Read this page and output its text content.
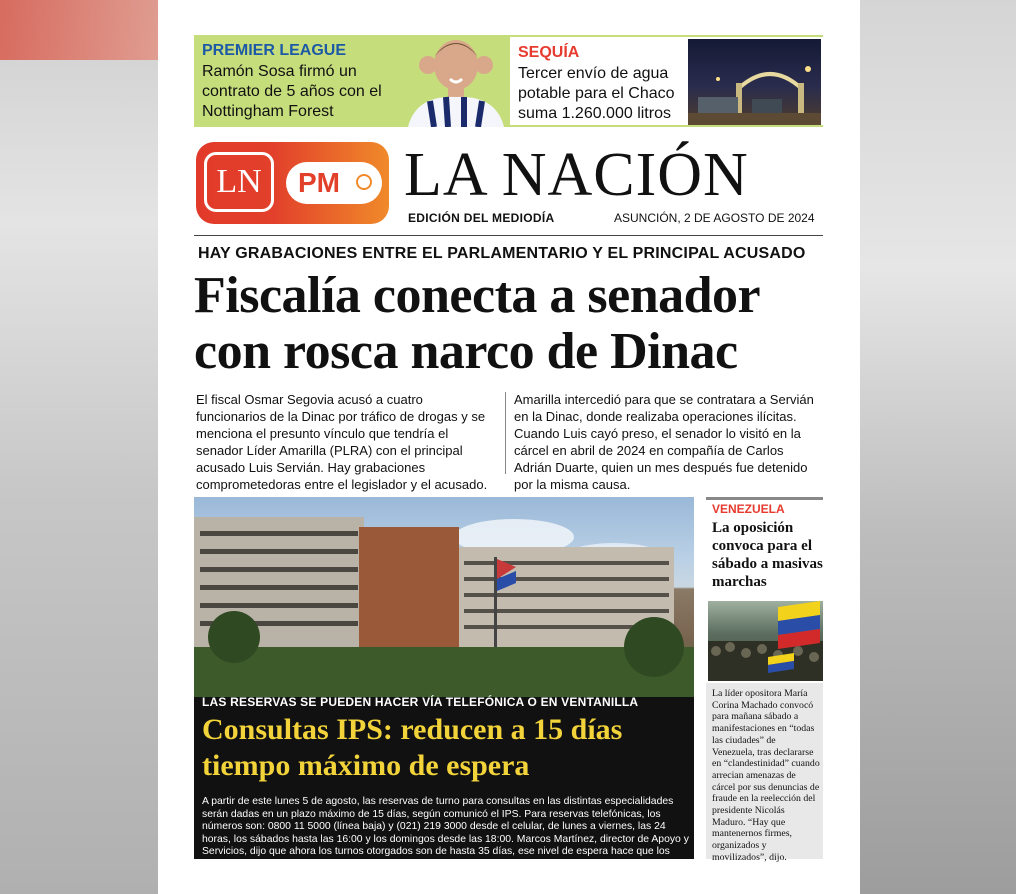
PREMIER LEAGUE
Ramón Sosa firmó un contrato de 5 años con el Nottingham Forest
SEQUÍA
Tercer envío de agua potable para el Chaco suma 1.260.000 litros
LN	PM LA NACIÓN
EDICIÓN DEL MEDIODÍA	ASUNCIÓN, 2 DE AGOSTO DE 2024
HAY GRABACIONES ENTRE EL PARLAMENTARIO Y EL PRINCIPAL ACUSADO
Fiscalía conecta a senador con rosca narco de Dinac
El fiscal Osmar Segovia acusó a cuatro funcionarios de la Dinac por tráfico de drogas y se menciona el presunto vínculo que tendría el senador Líder Amarilla (PLRA) con el principal acusado Luis Servián. Hay grabaciones comprometedoras entre el legislador y el acusado.
Amarilla intercedió para que se contratara a Servián en la Dinac, donde realizaba operaciones ilícitas. Cuando Luis cayó preso, el senador lo visitó en la cárcel en abril de 2024 en compañía de Carlos Adrián Duarte, quien un mes después fue detenido por la misma causa.
LAS RESERVAS SE PUEDEN HACER VÍA TELEFÓNICA O EN VENTANILLA
Consultas IPS: reducen a 15 días tiempo máximo de espera
A partir de este lunes 5 de agosto, las reservas de turno para consultas en las distintas especialidades serán dadas en un plazo máximo de 15 días, según comunicó el IPS. Para reservas telefónicas, los números son: 0800 11 5000 (línea baja) y (021) 219 3000 desde el celular, de lunes a viernes, las 24 horas, los sábados hasta las 16:00 y los domingos desde las 18:00. Marcos Martínez, director de Apoyo y Servicios, dijo que ahora los turnos otorgados son de hasta 35 días, ese nivel de espera hace que los asegurados busquen alternativas y finalmente no se presenten.
VENEZUELA
La oposición convoca para el sábado a masivas marchas
La líder opositora María Corina Machado convocó para mañana sábado a manifestaciones en “todas las ciudades” de Venezuela, tras declararse en “clandestinidad” cuando arrecian amenazas de cárcel por sus denuncias de fraude en la reelección del presidente Nicolás Maduro. “Hay que mantenernos firmes, organizados y movilizados”, dijo.
